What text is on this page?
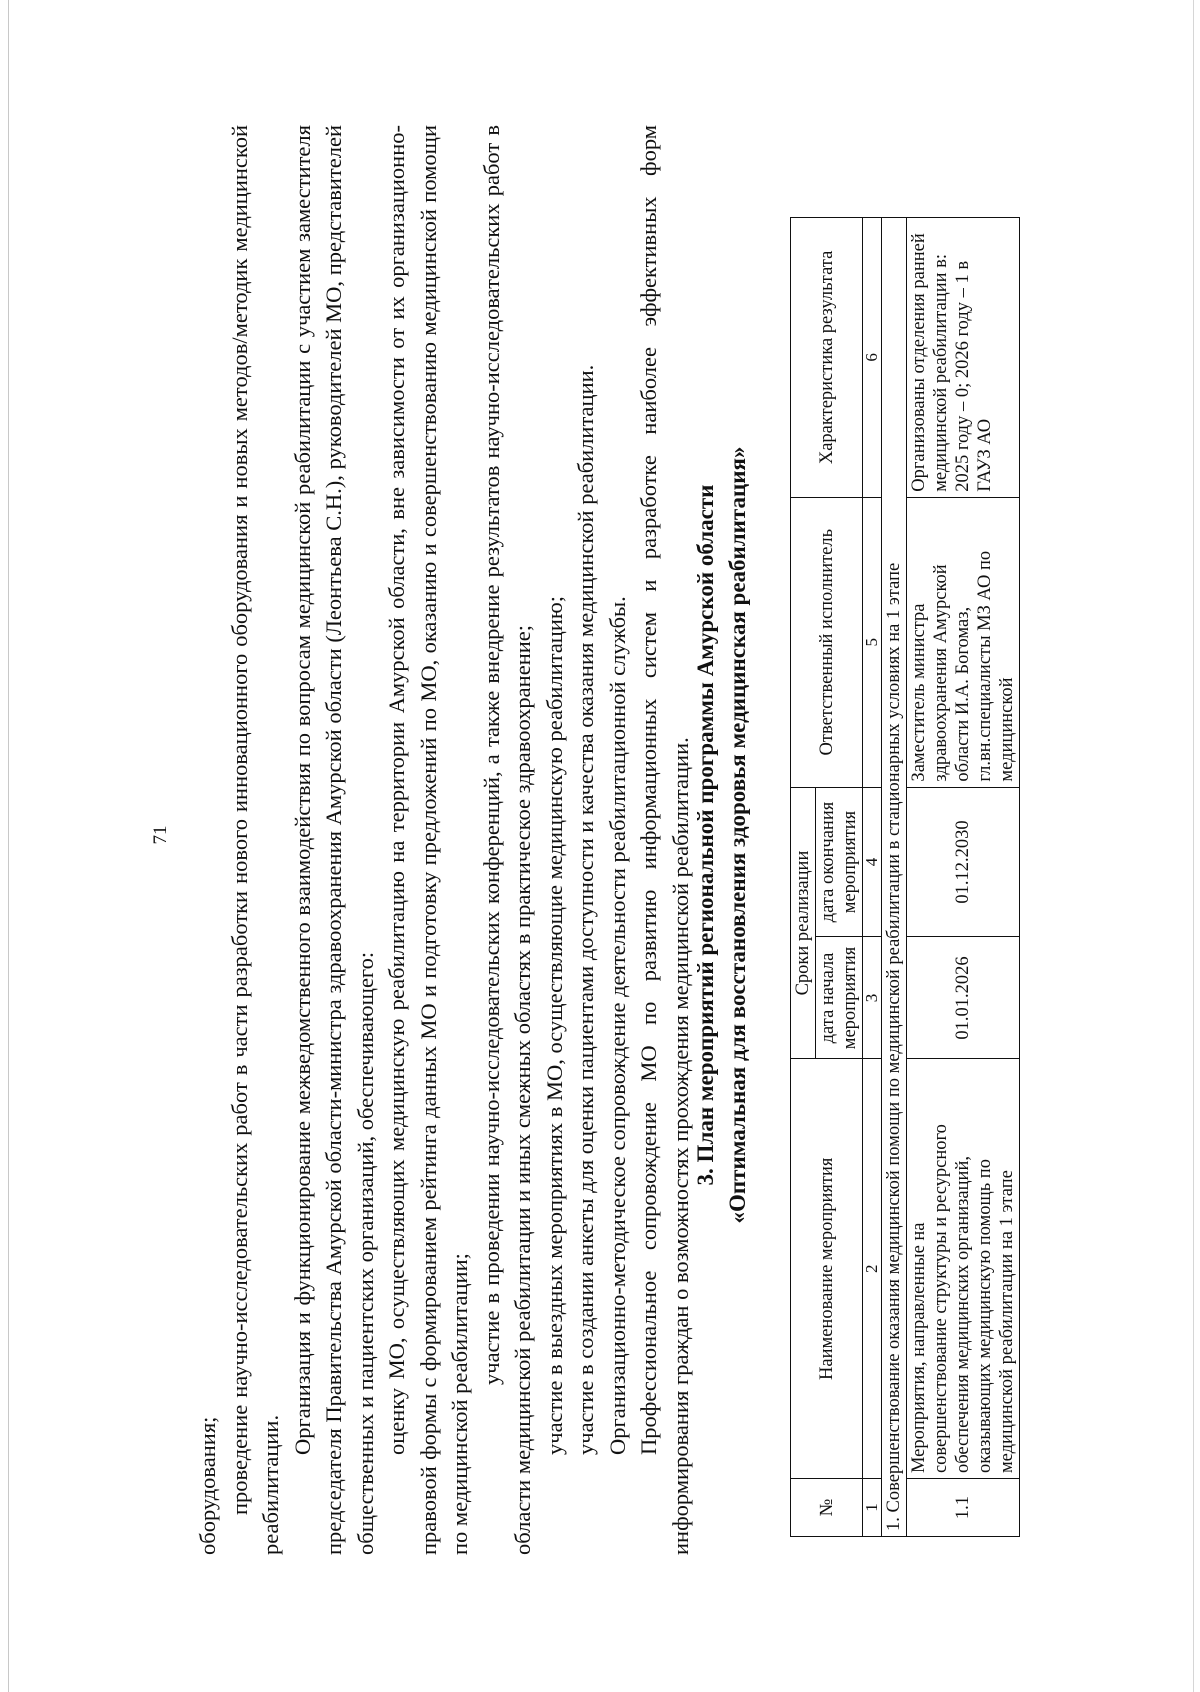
71

оборудования; проведение научно-исследовательских работ в части разработки нового инновационного оборудования и новых методов/методик медицинской реабилитации.

Организация и функционирование межведомственного взаимодействия по вопросам медицинской реабилитации с участием заместителя председателя Правительства Амурской области-министра здравоохранения Амурской области (Леонтьева С.Н.), руководителей МО, представителей общественных и пациентских организаций, обеспечивающего: оценку МО, осуществляющих медицинскую реабилитацию на территории Амурской области, вне зависимости от их организационно-правовой формы с формированием рейтинга данных МО и подготовку предложений по МО, оказанию и совершенствованию медицинской помощи по медицинской реабилитации;

участие в проведении научно-исследовательских конференций, а также внедрение результатов научно-исследовательских работ в области медицинской реабилитации и иных смежных областях в практическое здравоохранение; участие в выездных мероприятиях в МО, осуществляющие медицинскую реабилитацию; участие в создании анкеты для оценки пациентами доступности и качества оказания медицинской реабилитации. Организационно-методическое сопровождение деятельности реабилитационной службы. Профессиональное сопровождение МО по развитию информационных систем и разработке наиболее эффективных форм информирования граждан о возможностях прохождения медицинской реабилитации. 3. План мероприятий региональной программы Амурской области «Оптимальная для восстановления здоровья медицинская реабилитация»
№	Наименование мероприятия	Сроки реализации		Ответственный исполнитель	Характеристика результата
		дата начала мероприятия	дата окончания мероприятия		
1	2	3	4	5	6
1. Совершенствование оказания медицинской помощи по медицинской реабилитации в стационарных условиях на 1 этапе					
1.1	Мероприятия, направленные на совершенствование структуры и ресурсного обеспечения медицинских организаций, оказывающих медицинскую помощь по медицинской реабилитации на 1 этапе	01.01.2026	01.12.2030	Заместитель министра здравоохранения Амурской области И.А. Богомаз, гл.вн.специалисты МЗ АО по медицинской	Организованы отделения ранней медицинской реабилитации в: 2025 году – 0; 2026 году – 1 в ГАУЗ АО
